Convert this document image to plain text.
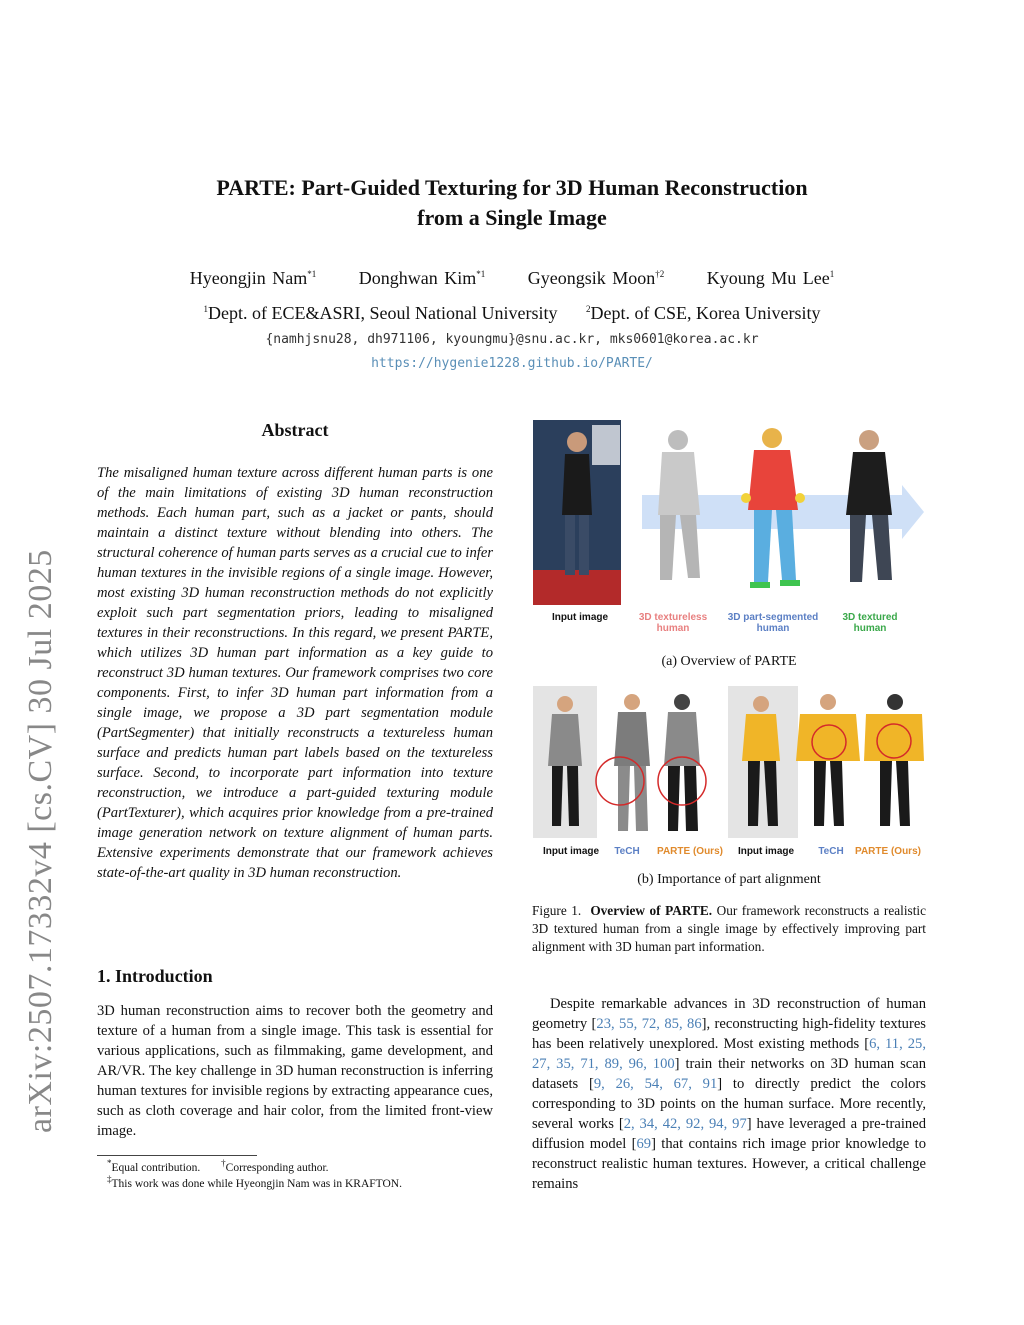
arXiv:2507.17332v4 [cs.CV] 30 Jul 2025
PARTE: Part-Guided Texturing for 3D Human Reconstruction
from a Single Image
Hyeongjin Nam$^{*1}$ Donghwan Kim$^{*1}$ Gyeongsik Moon$^{\dagger 2}$ Kyoung Mu Lee$^1$
$^1$Dept. of ECE&ASRI, Seoul National University	$^2$Dept. of CSE, Korea University
{namhjsnu28, dh971106, kyoungmu}@snu.ac.kr, mks0601@korea.ac.kr
https://hygenie1228.github.io/PARTE/
Abstract
The misaligned human texture across different human parts is one of the main limitations of existing 3D human reconstruction methods. Each human part, such as a jacket or pants, should maintain a distinct texture without blending into others. The structural coherence of human parts serves as a crucial cue to infer human textures in the invisible regions of a single image. However, most existing 3D human reconstruction methods do not explicitly exploit such part segmentation priors, leading to misaligned textures in their reconstructions. In this regard, we present PARTE, which utilizes 3D human part information as a key guide to reconstruct 3D human textures. Our framework comprises two core components. First, to infer 3D human part information from a single image, we propose a 3D part segmentation module (PartSegmenter) that initially reconstructs a textureless human surface and predicts human part labels based on the textureless surface. Second, to incorporate part information into texture reconstruction, we introduce a part-guided texturing module (PartTexturer), which acquires prior knowledge from a pre-trained image generation network on texture alignment of human parts. Extensive experiments demonstrate that our framework achieves state-of-the-art quality in 3D human reconstruction.
1. Introduction
3D human reconstruction aims to recover both the geometry and texture of a human from a single image. This task is essential for various applications, such as filmmaking, game development, and AR/VR. The key challenge in 3D human reconstruction is inferring human textures for invisible regions by extracting appearance cues, such as cloth coverage and hair color, from the limited front-view image.
*Equal contribution. †Corresponding author.
‡This work was done while Hyeongjin Nam was in KRAFTON.
Input image	3D textureless human
3D part-segmented human
3D textured human
(a) Overview of PARTE
Input image	TeCH	PARTE (Ours)	Input image	TeCH	PARTE (Ours)
(b) Importance of part alignment
Figure 1. Overview of PARTE. Our framework reconstructs a realistic 3D textured human from a single image by effectively improving part alignment with 3D human part information.
Despite remarkable advances in 3D reconstruction of human geometry [23, 55, 72, 85, 86], reconstructing high-fidelity textures has been relatively unexplored. Most existing methods [6, 11, 25, 27, 35, 71, 89, 96, 100] train their networks on 3D human scan datasets [9, 26, 54, 67, 91] to directly predict the colors corresponding to 3D points on the human surface. More recently, several works [2, 34, 42, 92, 94, 97] have leveraged a pre-trained diffusion model [69] that contains rich image prior knowledge to reconstruct realistic human textures. However, a critical challenge remains
